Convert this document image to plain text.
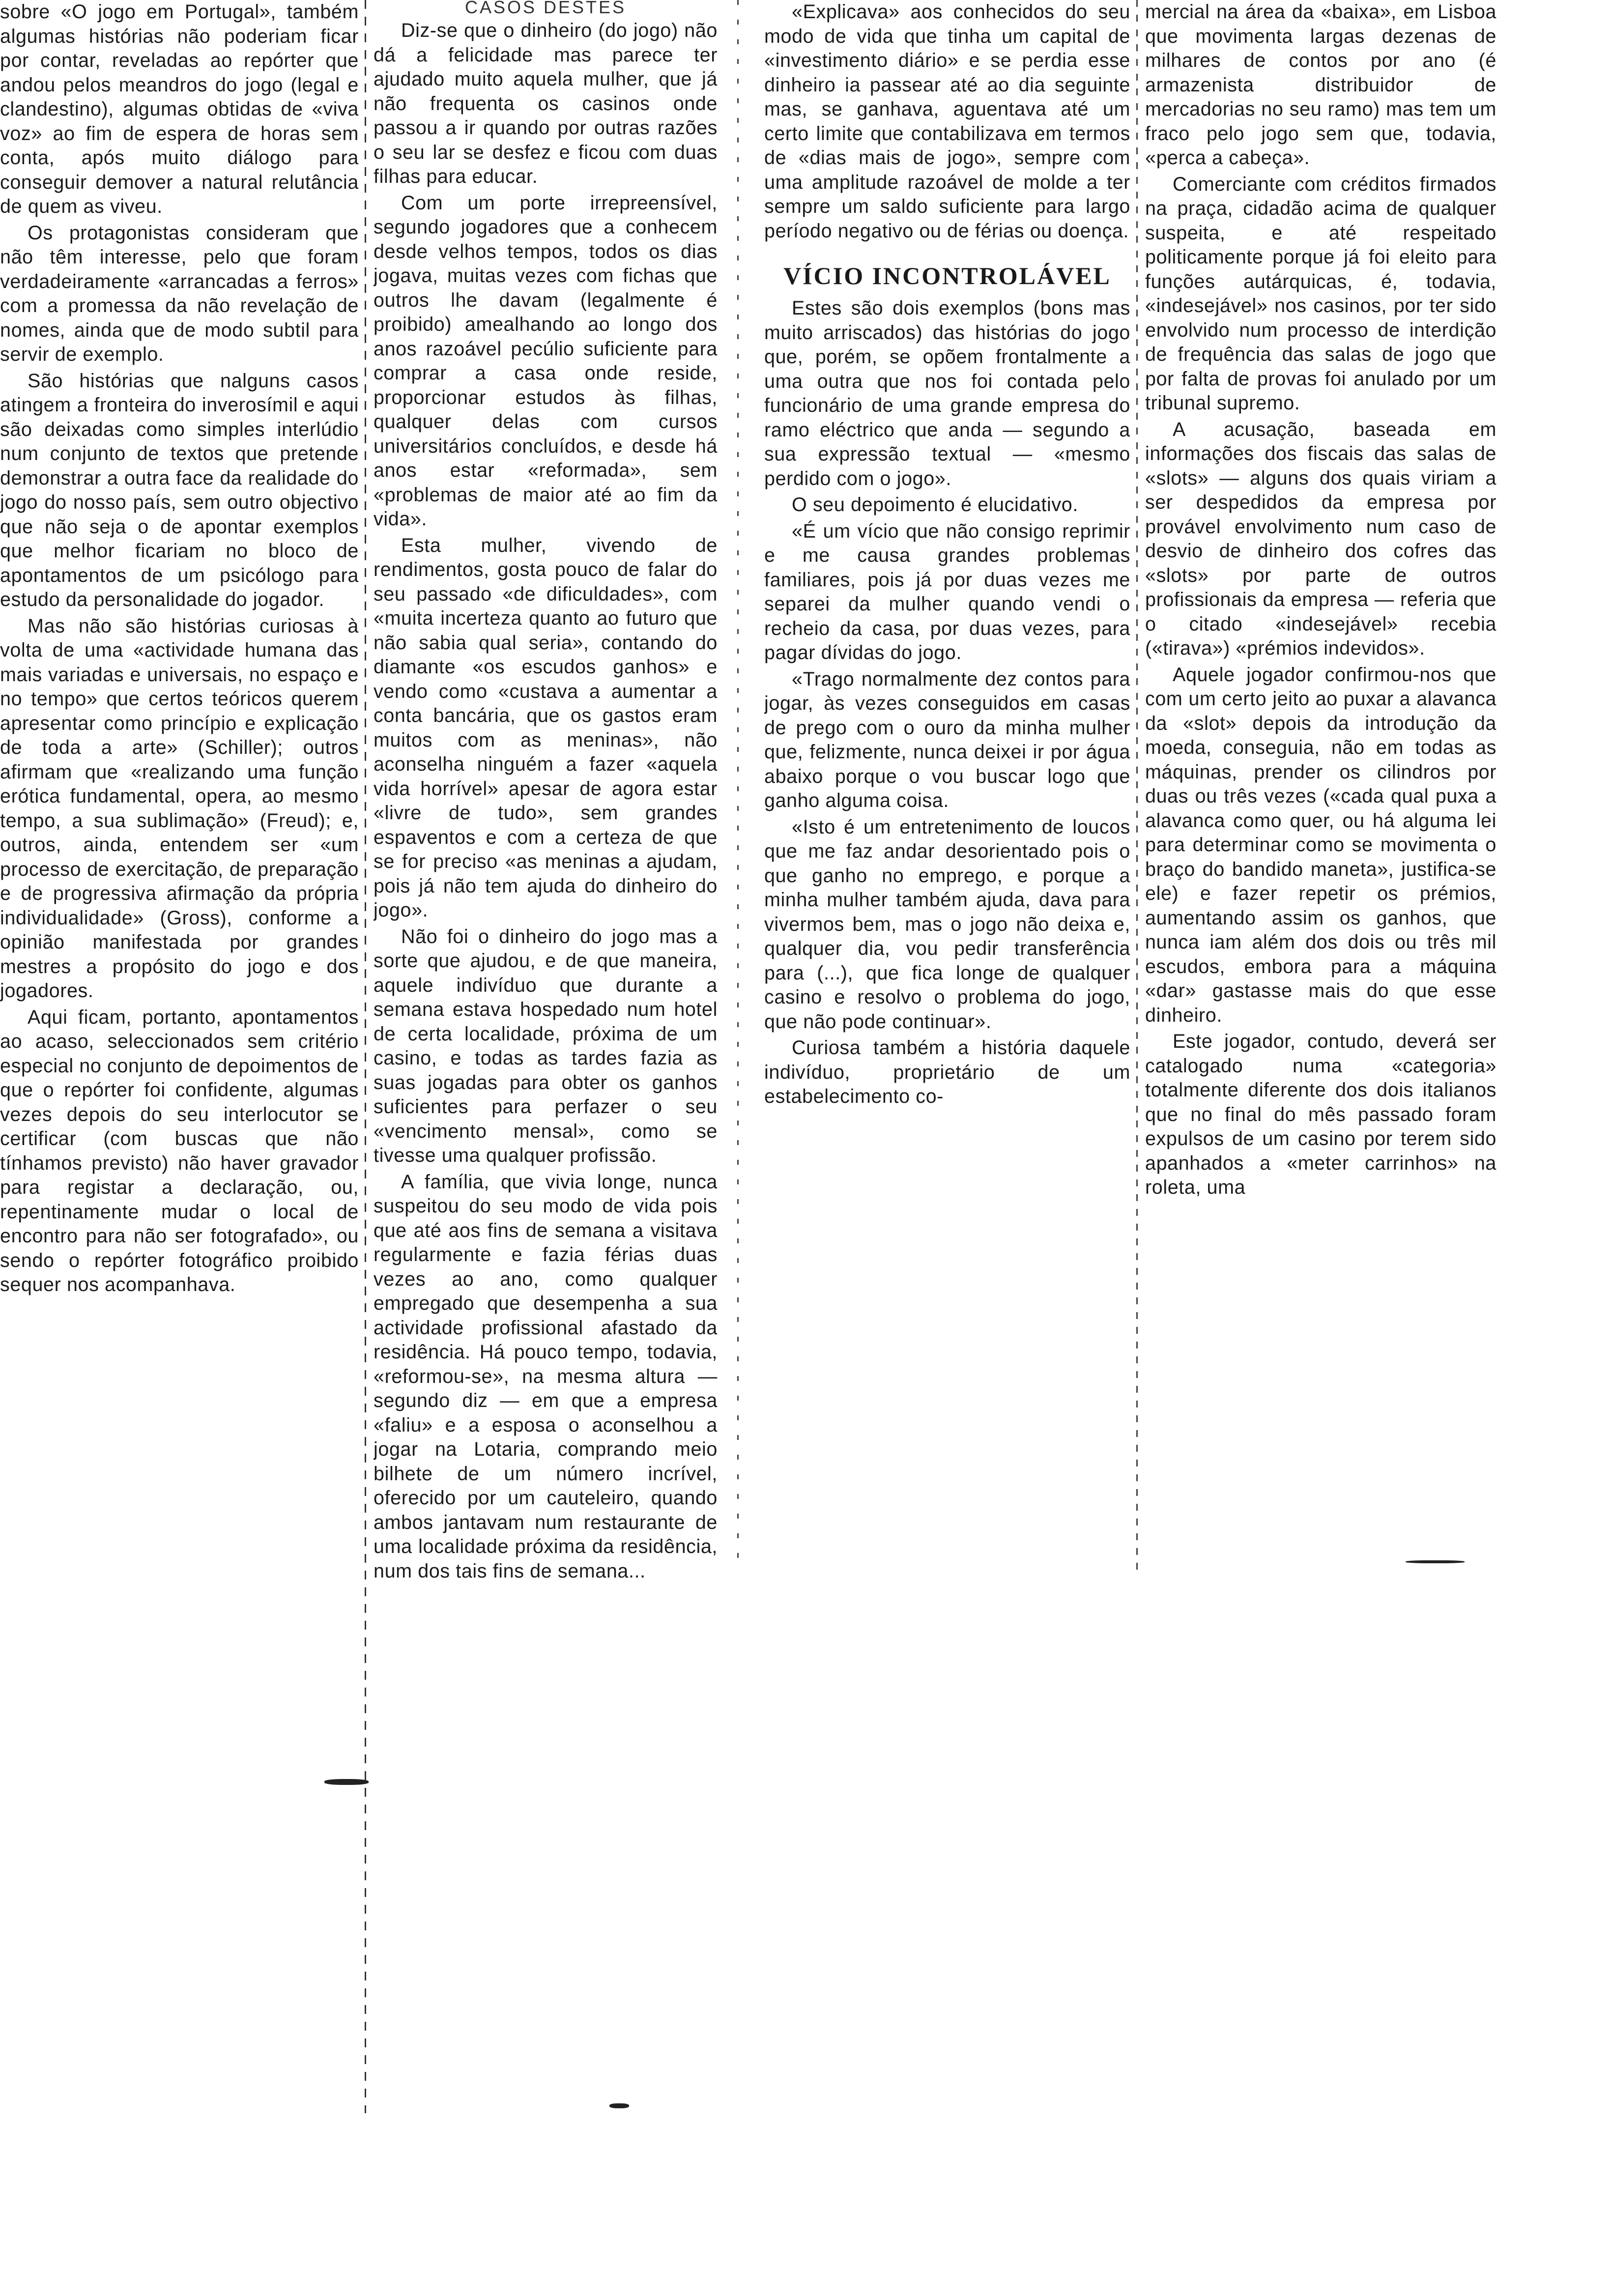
sobre «O jogo em Portugal», também algumas histórias não poderiam ficar por contar, reveladas ao repórter que andou pelos meandros do jogo (legal e clandestino), algumas obtidas de «viva voz» ao fim de espera de horas sem conta, após muito diálogo para conseguir demover a natural relutância de quem as viveu.

Os protagonistas consideram que não têm interesse, pelo que foram verdadeiramente «arrancadas a ferros» com a promessa da não revelação de nomes, ainda que de modo subtil para servir de exemplo.

São histórias que nalguns casos atingem a fronteira do inverosímil e aqui são deixadas como simples interlúdio num conjunto de textos que pretende demonstrar a outra face da realidade do jogo do nosso país, sem outro objectivo que não seja o de apontar exemplos que melhor ficariam no bloco de apontamentos de um psicólogo para estudo da personalidade do jogador.

Mas não são histórias curiosas à volta de uma «actividade humana das mais variadas e universais, no espaço e no tempo» que certos teóricos querem apresentar como princípio e explicação de toda a arte» (Schiller); outros afirmam que «realizando uma função erótica fundamental, opera, ao mesmo tempo, a sua sublimação» (Freud); e, outros, ainda, entendem ser «um processo de exercitação, de preparação e de progressiva afirmação da própria individualidade» (Gross), conforme a opinião manifestada por grandes mestres a propósito do jogo e dos jogadores.

Aqui ficam, portanto, apontamentos ao acaso, seleccionados sem critério especial no conjunto de depoimentos de que o repórter foi confidente, algumas vezes depois do seu interlocutor se certificar (com buscas que não tínhamos previsto) não haver gravador para registar a declaração, ou, repentinamente mudar o local de encontro para não ser fotografado», ou sendo o repórter fotográfico proibido sequer nos acompanhava.

CASOS DESTES

Diz-se que o dinheiro (do jogo) não dá a felicidade mas parece ter ajudado muito aquela mulher, que já não frequenta os casinos onde passou a ir quando por outras razões o seu lar se desfez e ficou com duas filhas para educar.

Com um porte irrepreensível, segundo jogadores que a conhecem desde velhos tempos, todos os dias jogava, muitas vezes com fichas que outros lhe davam (legalmente é proibido) amealhando ao longo dos anos razoável pecúlio suficiente para comprar a casa onde reside, proporcionar estudos às filhas, qualquer delas com cursos universitários concluídos, e desde há anos estar «reformada», sem «problemas de maior até ao fim da vida».

Esta mulher, vivendo de rendimentos, gosta pouco de falar do seu passado «de dificuldades», com «muita incerteza quanto ao futuro que não sabia qual seria», contando do diamante «os escudos ganhos» e vendo como «custava a aumentar a conta bancária, que os gastos eram muitos com as meninas», não aconselha ninguém a fazer «aquela vida horrível» apesar de agora estar «livre de tudo», sem grandes espaventos e com a certeza de que se for preciso «as meninas a ajudam, pois já não tem ajuda do dinheiro do jogo».

Não foi o dinheiro do jogo mas a sorte que ajudou, e de que maneira, aquele indivíduo que durante a semana estava hospedado num hotel de certa localidade, próxima de um casino, e todas as tardes fazia as suas jogadas para obter os ganhos suficientes para perfazer o seu «vencimento mensal», como se tivesse uma qualquer profissão.

A família, que vivia longe, nunca suspeitou do seu modo de vida pois que até aos fins de semana a visitava regularmente e fazia férias duas vezes ao ano, como qualquer empregado que desempenha a sua actividade profissional afastado da residência. Há pouco tempo, todavia, «reformou-se», na mesma altura — segundo diz — em que a empresa «faliu» e a esposa o aconselhou a jogar na Lotaria, comprando meio bilhete de um número incrível, oferecido por um cauteleiro, quando ambos jantavam num restaurante de uma localidade próxima da residência, num dos tais fins de semana...

«Explicava» aos conhecidos do seu modo de vida que tinha um capital de «investimento diário» e se perdia esse dinheiro ia passear até ao dia seguinte mas, se ganhava, aguentava até um certo limite que contabilizava em termos de «dias mais de jogo», sempre com uma amplitude razoável de molde a ter sempre um saldo suficiente para largo período negativo ou de férias ou doença.

VÍCIO INCONTROLÁVEL

Estes são dois exemplos (bons mas muito arriscados) das histórias do jogo que, porém, se opõem frontalmente a uma outra que nos foi contada pelo funcionário de uma grande empresa do ramo eléctrico que anda — segundo a sua expressão textual — «mesmo perdido com o jogo».

O seu depoimento é elucidativo.

«É um vício que não consigo reprimir e me causa grandes problemas familiares, pois já por duas vezes me separei da mulher quando vendi o recheio da casa, por duas vezes, para pagar dívidas do jogo.

«Trago normalmente dez contos para jogar, às vezes conseguidos em casas de prego com o ouro da minha mulher que, felizmente, nunca deixei ir por água abaixo porque o vou buscar logo que ganho alguma coisa.

«Isto é um entretenimento de loucos que me faz andar desorientado pois o que ganho no emprego, e porque a minha mulher também ajuda, dava para vivermos bem, mas o jogo não deixa e, qualquer dia, vou pedir transferência para (...), que fica longe de qualquer casino e resolvo o problema do jogo, que não pode continuar».

Curiosa também a história daquele indivíduo, proprietário de um estabelecimento co-

mercial na área da «baixa», em Lisboa que movimenta largas dezenas de milhares de contos por ano (é armazenista distribuidor de mercadorias no seu ramo) mas tem um fraco pelo jogo sem que, todavia, «perca a cabeça».

Comerciante com créditos firmados na praça, cidadão acima de qualquer suspeita, e até respeitado politicamente porque já foi eleito para funções autárquicas, é, todavia, «indesejável» nos casinos, por ter sido envolvido num processo de interdição de frequência das salas de jogo que por falta de provas foi anulado por um tribunal supremo.

A acusação, baseada em informações dos fiscais das salas de «slots» — alguns dos quais viriam a ser despedidos da empresa por provável envolvimento num caso de desvio de dinheiro dos cofres das «slots» por parte de outros profissionais da empresa — referia que o citado «indesejável» recebia («tirava») «prémios indevidos».

Aquele jogador confirmou-nos que com um certo jeito ao puxar a alavanca da «slot» depois da introdução da moeda, conseguia, não em todas as máquinas, prender os cilindros por duas ou três vezes («cada qual puxa a alavanca como quer, ou há alguma lei para determinar como se movimenta o braço do bandido maneta», justifica-se ele) e fazer repetir os prémios, aumentando assim os ganhos, que nunca iam além dos dois ou três mil escudos, embora para a máquina «dar» gastasse mais do que esse dinheiro.

Este jogador, contudo, deverá ser catalogado numa «categoria» totalmente diferente dos dois italianos que no final do mês passado foram expulsos de um casino por terem sido apanhados a «meter carrinhos» na roleta, uma
